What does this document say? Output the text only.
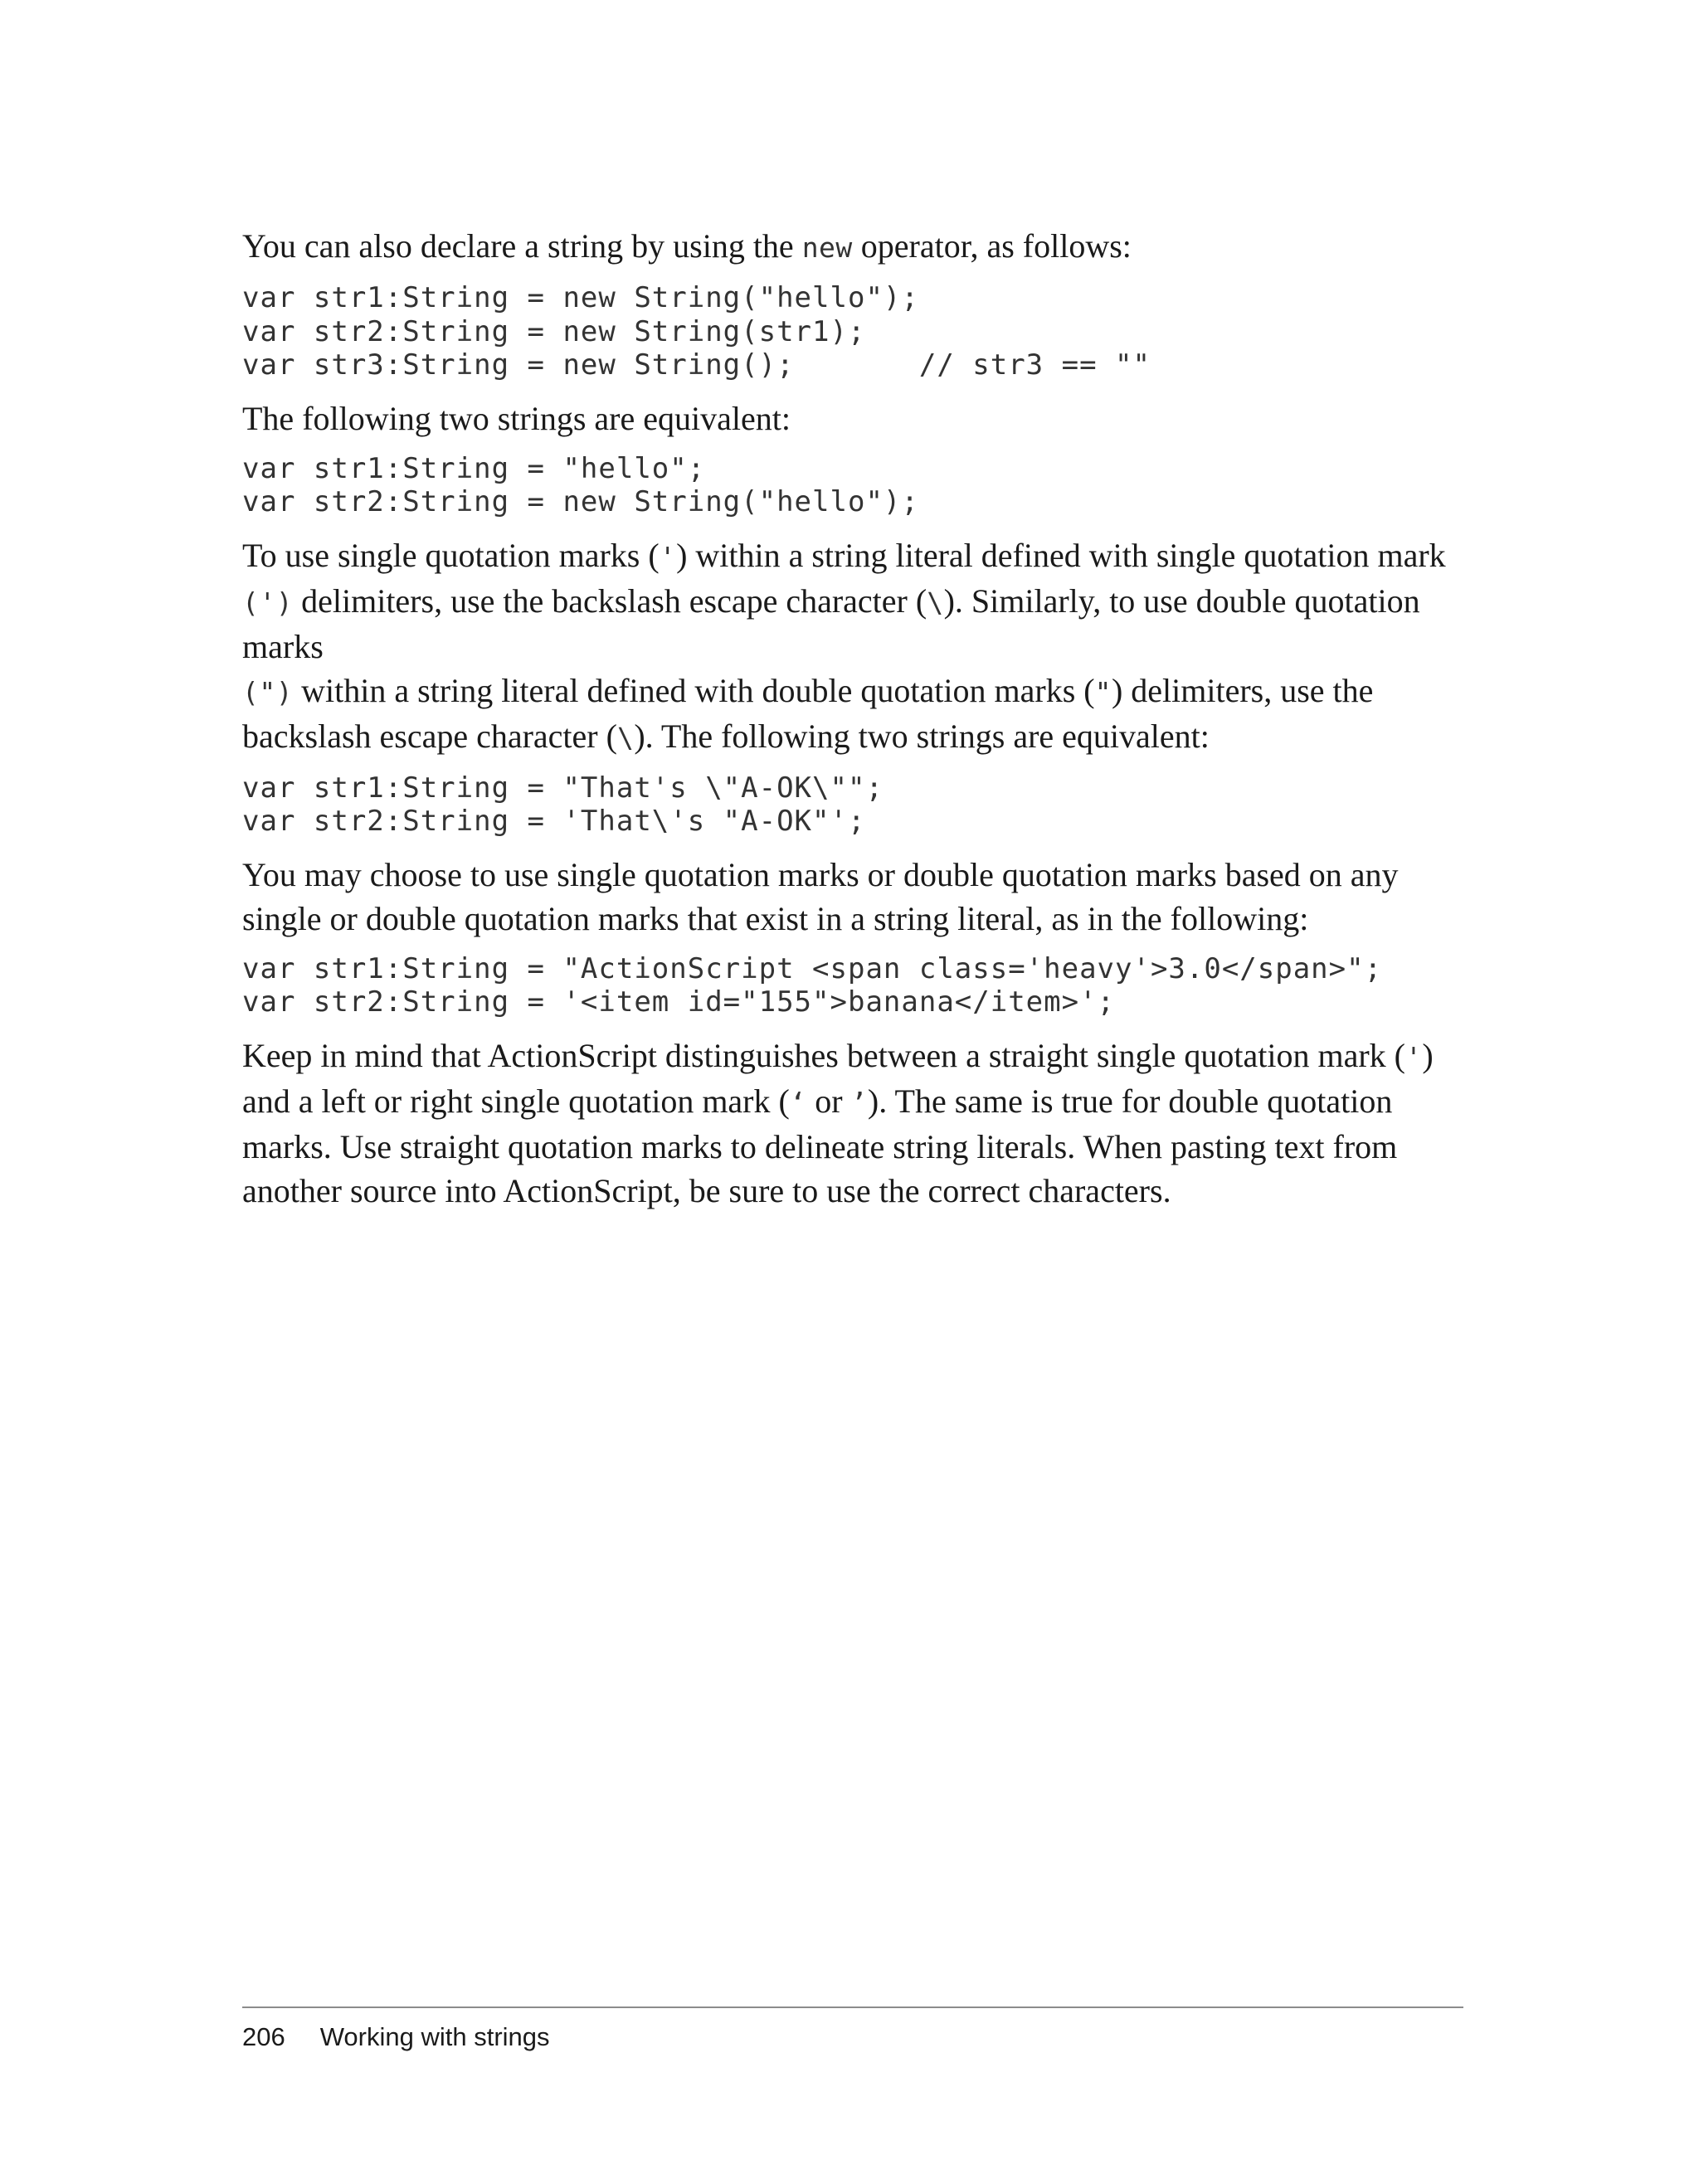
You can also declare a string by using the new operator, as follows:

var str1:String = new String("hello");
var str2:String = new String(str1);
var str3:String = new String();       // str3 == ""

The following two strings are equivalent:

var str1:String = "hello";
var str2:String = new String("hello");

To use single quotation marks (') within a string literal defined with single quotation mark
(') delimiters, use the backslash escape character (\). Similarly, to use double quotation marks
(") within a string literal defined with double quotation marks (") delimiters, use the
backslash escape character (\). The following two strings are equivalent:

var str1:String = "That's \"A-OK\"";
var str2:String = 'That\'s "A-OK"';

You may choose to use single quotation marks or double quotation marks based on any single or double quotation marks that exist in a string literal, as in the following:

var str1:String = "ActionScript <span class='heavy'>3.0</span>";
var str2:String = '<item id="155">banana</item>';

Keep in mind that ActionScript distinguishes between a straight single quotation mark (')
and a left or right single quotation mark (‘ or ’). The same is true for double quotation
marks. Use straight quotation marks to delineate string literals. When pasting text from another source into ActionScript, be sure to use the correct characters.

206 Working with strings
